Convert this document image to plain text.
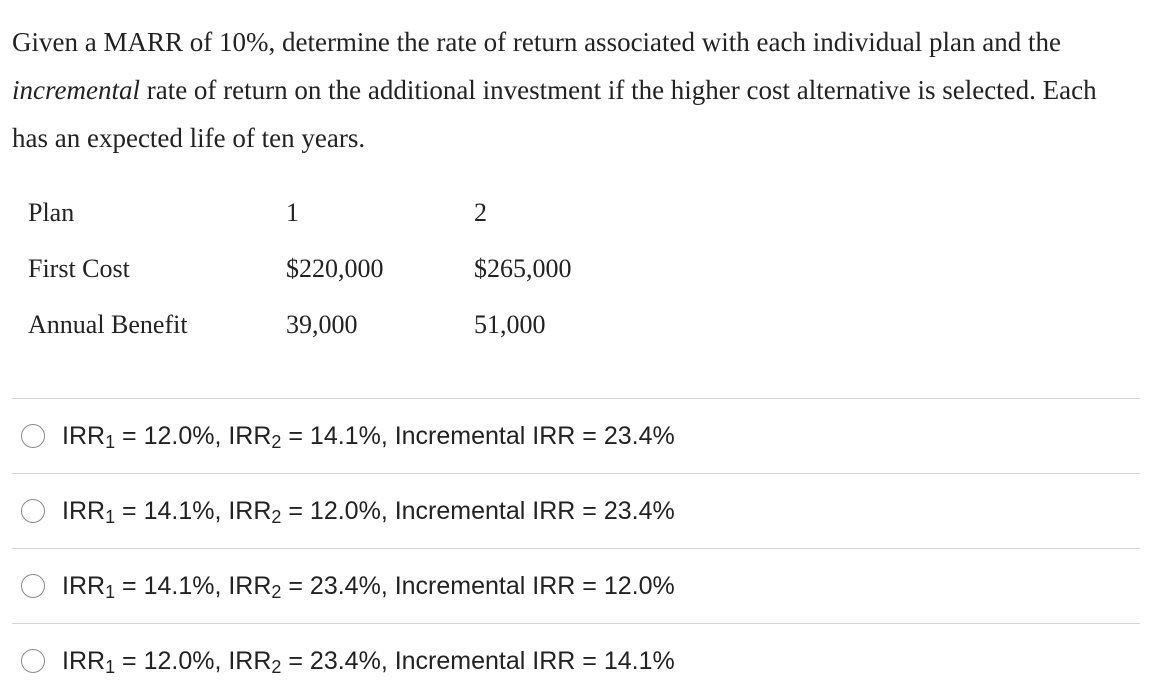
Given a MARR of 10%, determine the rate of return associated with each individual plan and the incremental rate of return on the additional investment if the higher cost alternative is selected. Each has an expected life of ten years.
Plan	1	2
First Cost	$220,000	$265,000
Annual Benefit	39,000	51,000
$IRR_1 = 12.0\%$, $IRR_2 = 14.1\%$, Incremental IRR = 23.4%
$IRR_1 = 14.1\%$, $IRR_2 = 12.0\%$, Incremental IRR = 23.4%
$IRR_1 = 14.1\%$, $IRR_2 = 23.4\%$, Incremental IRR = 12.0%
$IRR_1 = 12.0\%$, $IRR_2 = 23.4\%$, Incremental IRR = 14.1%
